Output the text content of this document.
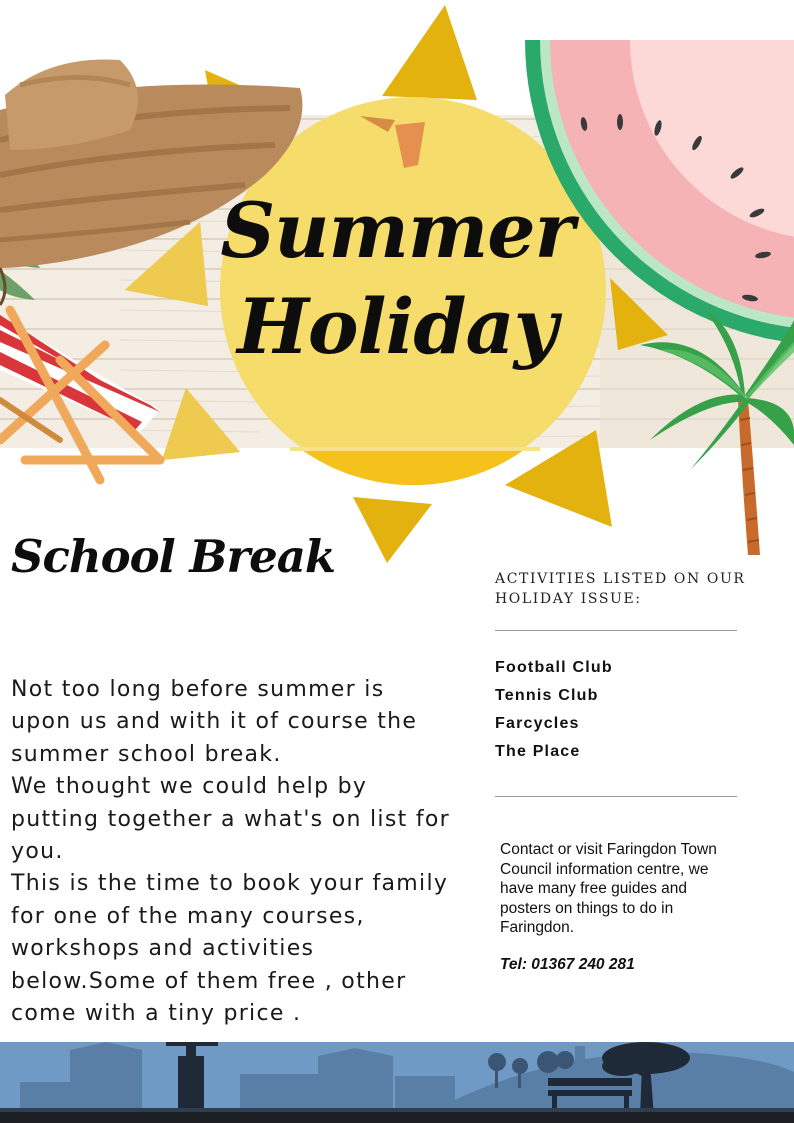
Summer
Holiday
School Break

Not too long before summer is upon us and with it of course the summer school break.

We thought we could help by putting together a what's on list for you.

This is the time to book your family for one of the many courses, workshops and activities below.Some of them free , other come with a tiny price .

ACTIVITIES LISTED ON OUR HOLIDAY ISSUE:
Football Club
Tennis Club
Farcycles
The Place
Contact or visit Faringdon Town Council information centre, we have many free guides and posters on things to do in Faringdon.
Tel: 01367 240 281
